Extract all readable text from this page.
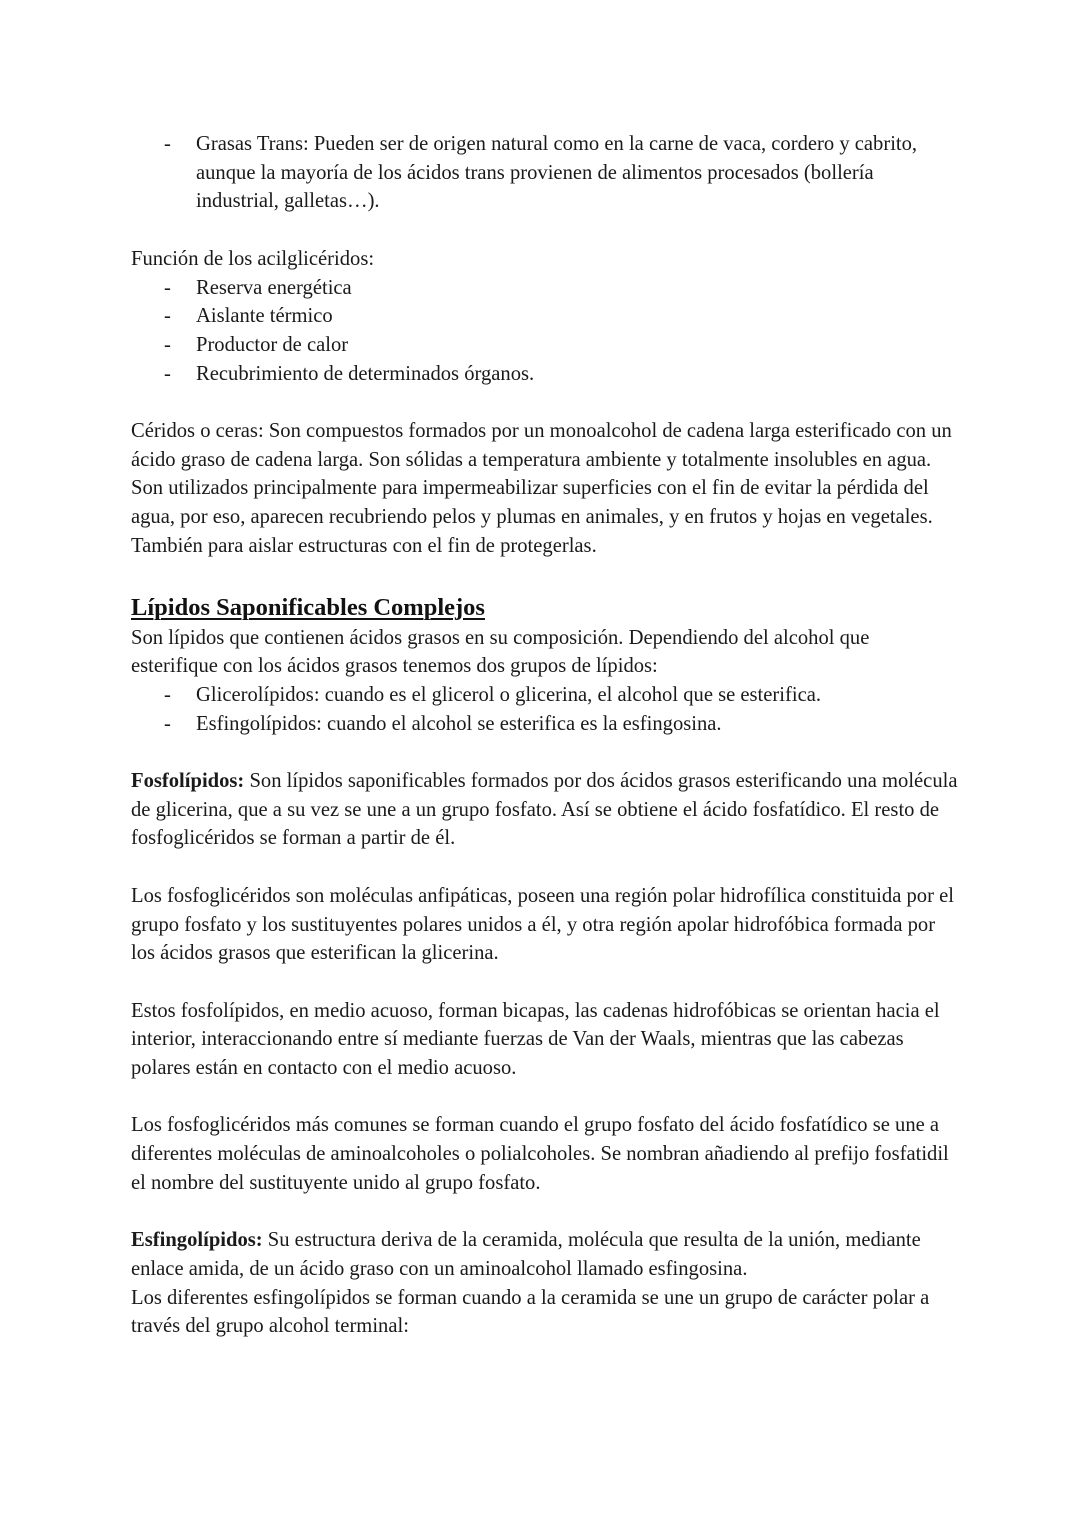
- Grasas Trans: Pueden ser de origen natural como en la carne de vaca, cordero y cabrito, aunque la mayoría de los ácidos trans provienen de alimentos procesados (bollería industrial, galletas…).

Función de los acilglicéridos:

- Reserva energética
- Aislante térmico
- Productor de calor
- Recubrimiento de determinados órganos.

Céridos o ceras: Son compuestos formados por un monoalcohol de cadena larga esterificado con un ácido graso de cadena larga. Son sólidas a temperatura ambiente y totalmente insolubles en agua. Son utilizados principalmente para impermeabilizar superficies con el fin de evitar la pérdida del agua, por eso, aparecen recubriendo pelos y plumas en animales, y en frutos y hojas en vegetales. También para aislar estructuras con el fin de protegerlas.

Lípidos Saponificables Complejos

Son lípidos que contienen ácidos grasos en su composición. Dependiendo del alcohol que esterifique con los ácidos grasos tenemos dos grupos de lípidos:

- Glicerolípidos: cuando es el glicerol o glicerina, el alcohol que se esterifica.
- Esfingolípidos: cuando el alcohol se esterifica es la esfingosina.

Fosfolípidos: Son lípidos saponificables formados por dos ácidos grasos esterificando una molécula de glicerina, que a su vez se une a un grupo fosfato. Así se obtiene el ácido fosfatídico. El resto de fosfoglicéridos se forman a partir de él.

Los fosfoglicéridos son moléculas anfipáticas, poseen una región polar hidrofílica constituida por el grupo fosfato y los sustituyentes polares unidos a él, y otra región apolar hidrofóbica formada por los ácidos grasos que esterifican la glicerina.

Estos fosfolípidos, en medio acuoso, forman bicapas, las cadenas hidrofóbicas se orientan hacia el interior, interaccionando entre sí mediante fuerzas de Van der Waals, mientras que las cabezas polares están en contacto con el medio acuoso.

Los fosfoglicéridos más comunes se forman cuando el grupo fosfato del ácido fosfatídico se une a diferentes moléculas de aminoalcoholes o polialcoholes. Se nombran añadiendo al prefijo fosfatidil el nombre del sustituyente unido al grupo fosfato.

Esfingolípidos: Su estructura deriva de la ceramida, molécula que resulta de la unión, mediante enlace amida, de un ácido graso con un aminoalcohol llamado esfingosina.

Los diferentes esfingolípidos se forman cuando a la ceramida se une un grupo de carácter polar a través del grupo alcohol terminal:
